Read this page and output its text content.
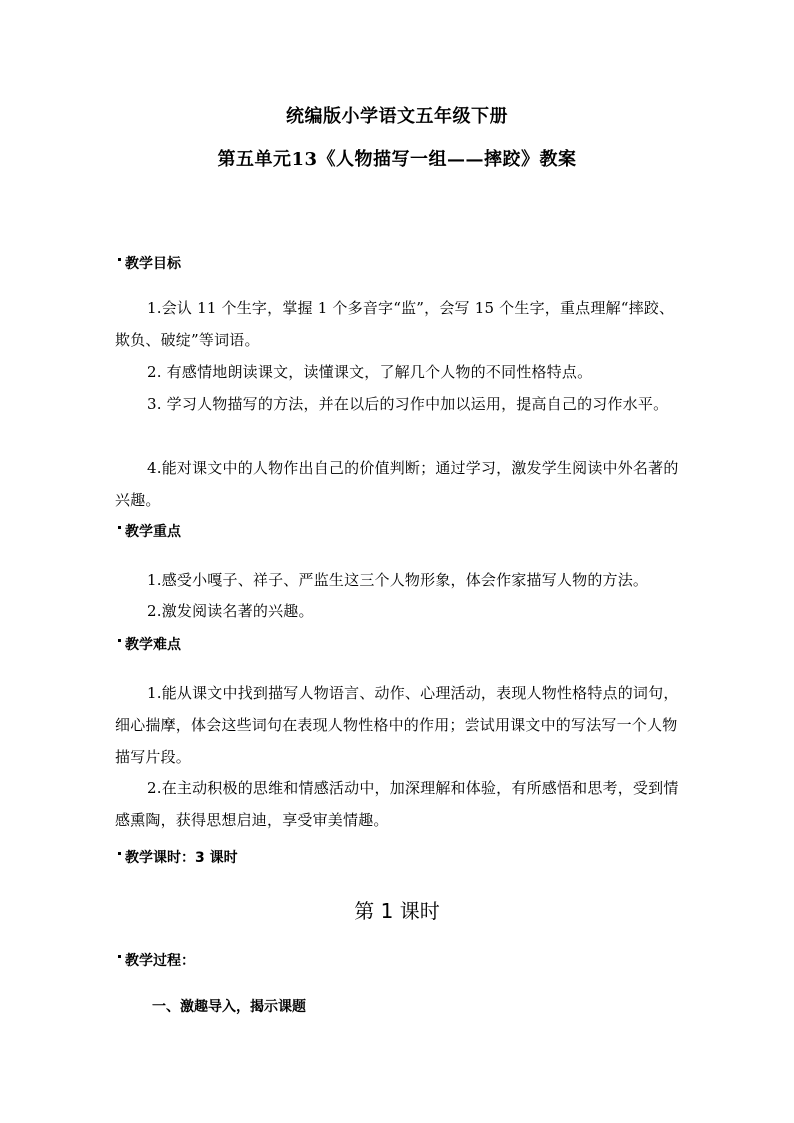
统编版小学语文五年级下册
第五单元13《人物描写一组——摔跤》教案
教学目标
1.会认 11 个生字，掌握 1 个多音字“监”，会写 15 个生字，重点理解“摔跤、欺负、破绽”等词语。
2. 有感情地朗读课文，读懂课文，了解几个人物的不同性格特点。
3. 学习人物描写的方法，并在以后的习作中加以运用，提高自己的习作水平。
4.能对课文中的人物作出自己的价值判断；通过学习，激发学生阅读中外名著的兴趣。
教学重点
1.感受小嘎子、祥子、严监生这三个人物形象，体会作家描写人物的方法。
2.激发阅读名著的兴趣。
教学难点
1.能从课文中找到描写人物语言、动作、心理活动，表现人物性格特点的词句，细心揣摩，体会这些词句在表现人物性格中的作用；尝试用课文中的写法写一个人物描写片段。
2.在主动积极的思维和情感活动中，加深理解和体验，有所感悟和思考，受到情感熏陶，获得思想启迪，享受审美情趣。
教学课时：3 课时
第 1 课时
教学过程：
一、激趣导入，揭示课题
